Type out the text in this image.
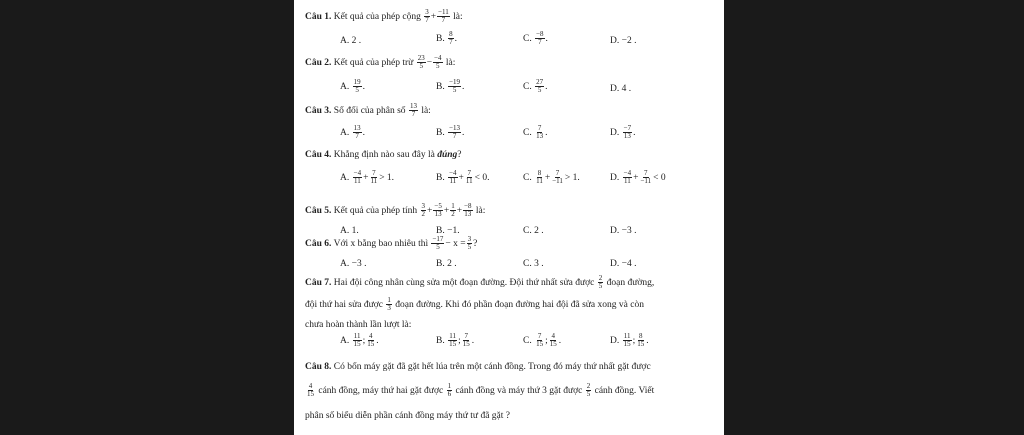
Câu 1. Kết quả của phép cộng $\frac{3}{7} + \frac{-11}{7}$ là:
A. 2 .	B. $\frac{8}{7}$ .	C. $\frac{-8}{7}$ .	D. −2 .
Câu 2. Kết quả của phép trừ $\frac{23}{5} - \frac{-4}{5}$ là:
A. $\frac{19}{5}$ .	B. $\frac{-19}{5}$ .	C. $\frac{27}{5}$ .	D. 4 .
Câu 3. Số đối của phân số $\frac{13}{7}$ là:
A. $\frac{13}{7}$ .	B. $\frac{-13}{7}$ .	C. $\frac{7}{13}$ .	D. $\frac{-7}{13}$ .
Câu 4. Khẳng định nào sau đây là đúng?
A. $\frac{-4}{11} + \frac{7}{11} > 1$.	B. $\frac{-4}{11} + \frac{7}{11} < 0$.	C. $\frac{8}{11} + \frac{7}{-11} > 1$.	D. $\frac{-4}{11} + \frac{7}{-11} < 0$
Câu 5. Kết quả của phép tính $\frac{3}{2} + \frac{-5}{13} + \frac{1}{2} + \frac{-8}{13}$ là:
A. 1.	B. −1.	C. 2 .	D. −3 .
Câu 6. Với x bằng bao nhiêu thì $\frac{-17}{5} - x = \frac{3}{5}$ ?
A. −3 .	B. 2 .	C. 3 .	D. −4 .
Câu 7. Hai đội công nhân cùng sửa một đoạn đường. Đội thứ nhất sửa được $\frac{2}{5}$ đoạn đường,
đội thứ hai sửa được $\frac{1}{3}$ đoạn đường. Khi đó phần đoạn đường hai đội đã sửa xong và còn
chưa hoàn thành lần lượt là:
A. $\frac{11}{15}$ ; $\frac{4}{15}$ .	B. $\frac{11}{15}$ ; $\frac{7}{15}$ .	C. $\frac{7}{15}$ ; $\frac{4}{15}$ .	D. $\frac{11}{15}$ ; $\frac{8}{15}$ .
Câu 8. Có bốn máy gặt đã gặt hết lúa trên một cánh đồng. Trong đó máy thứ nhất gặt được
$\frac{4}{15}$ cánh đồng, máy thứ hai gặt được $\frac{1}{6}$ cánh đồng và máy thứ 3 gặt được $\frac{2}{5}$ cánh đồng. Viết
phân số biểu diễn phần cánh đồng máy thứ tư đã gặt ?
